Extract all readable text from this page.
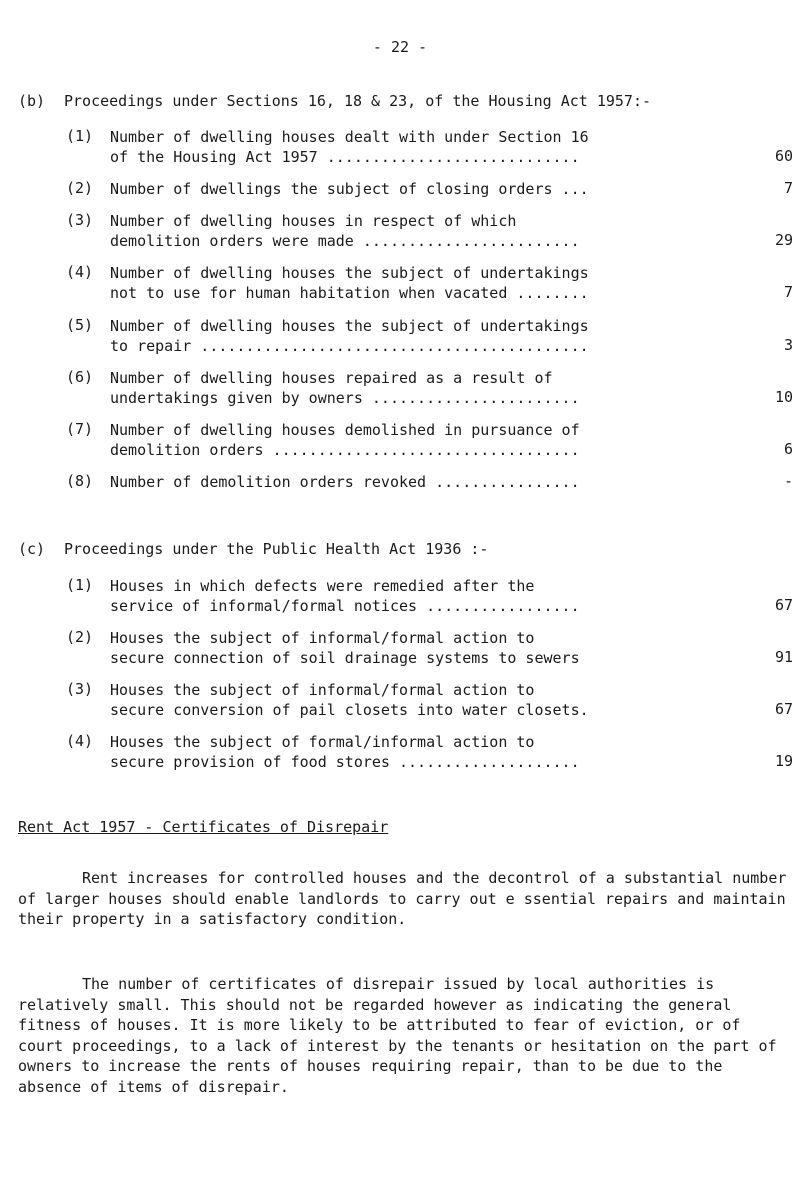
- 22 -
(b)	Proceedings under Sections 16, 18 & 23, of the Housing Act 1957:-
(1) Number of dwelling houses dealt with under Section 16
of the Housing Act 1957 ............................	60
(2) Number of dwellings the subject of closing orders ...	7
(3) Number of dwelling houses in respect of which
demolition orders were made ........................	29
(4) Number of dwelling houses the subject of undertakings
not to use for human habitation when vacated ........	7
(5) Number of dwelling houses the subject of undertakings
to repair ...........................................	3
(6) Number of dwelling houses repaired as a result of
undertakings given by owners .......................	10
(7) Number of dwelling houses demolished in pursuance of
demolition orders ..................................	6
(8) Number of demolition orders revoked ................	-
(c)	Proceedings under the Public Health Act 1936 :-
(1) Houses in which defects were remedied after the
service of informal/formal notices .................	67
(2) Houses the subject of informal/formal action to
secure connection of soil drainage systems to sewers	91
(3) Houses the subject of informal/formal action to
secure conversion of pail closets into water closets.	67
(4) Houses the subject of formal/informal action to
secure provision of food stores ....................	19
Rent Act 1957 - Certificates of Disrepair
Rent increases for controlled houses and the decontrol of a substantial number of larger houses should enable landlords to carry out e ssential repairs and maintain their property in a satisfactory condition.
The number of certificates of disrepair issued by local authorities is relatively small. This should not be regarded however as indicating the general fitness of houses. It is more likely to be attributed to fear of eviction, or of court proceedings, to a lack of interest by the tenants or hesitation on the part of owners to increase the rents of houses requiring repair, than to be due to the absence of items of disrepair.
